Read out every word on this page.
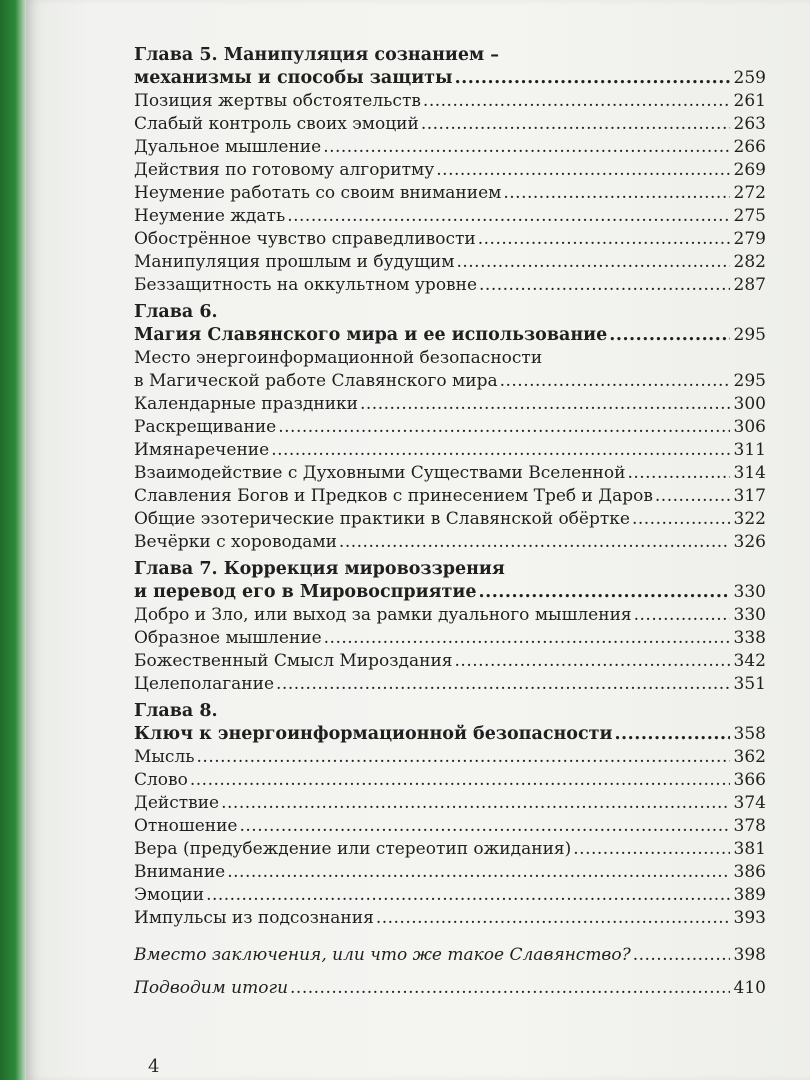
Глава 5. Манипуляция сознанием –
механизмы и способы защиты .....	259
Позиция жертвы обстоятельств .....	261
Слабый контроль своих эмоций .....	263
Дуальное мышление .....	266
Действия по готовому алгоритму .....	269
Неумение работать со своим вниманием .....	272
Неумение ждать .....	275
Обострённое чувство справедливости .....	279
Манипуляция прошлым и будущим .....	282
Беззащитность на оккультном уровне .....	287
Глава 6.
Магия Славянского мира и ее использование .....	295
Место энергоинформационной безопасности
в Магической работе Славянского мира .....	295
Календарные праздники .....	300
Раскрещивание .....	306
Имянаречение .....	311
Взаимодействие с Духовными Существами Вселенной .....	314
Славления Богов и Предков с принесением Треб и Даров .....	317
Общие эзотерические практики в Славянской обёртке .....	322
Вечёрки с хороводами .....	326
Глава 7. Коррекция мировоззрения
и перевод его в Мировосприятие .....	330
Добро и Зло, или выход за рамки дуального мышления .....	330
Образное мышление .....	338
Божественный Смысл Мироздания .....	342
Целеполагание .....	351
Глава 8.
Ключ к энергоинформационной безопасности .....	358
Мысль .....	362
Слово .....	366
Действие .....	374
Отношение .....	378
Вера (предубеждение или стереотип ожидания) .....	381
Внимание .....	386
Эмоции .....	389
Импульсы из подсознания .....	393
Вместо заключения, или что же такое Славянство? .....	398
Подводим итоги .....	410
4
